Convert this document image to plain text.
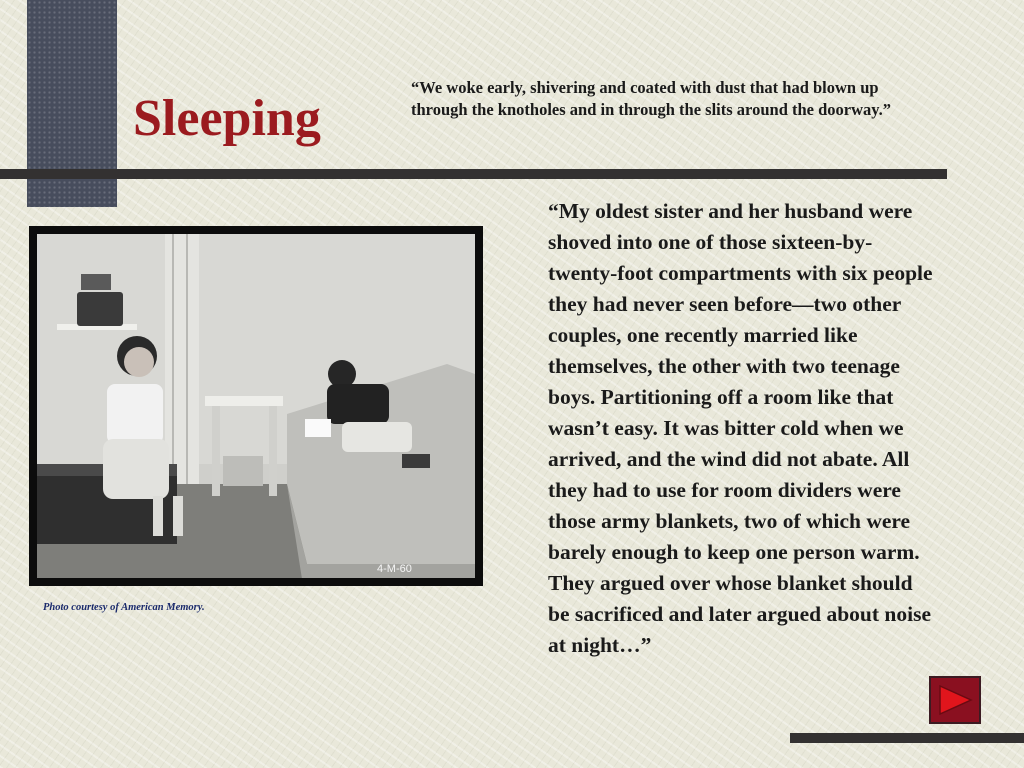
Sleeping

“We woke early, shivering and coated with dust that had blown up through the knotholes and in through the slits around the doorway.”

4-M-60

Photo courtesy of American Memory.

“My oldest sister and her husband were shoved into one of those sixteen-by-twenty-foot compartments with six people they had never seen before—two other couples, one recently married like themselves, the other with two teenage boys. Partitioning off a room like that wasn’t easy. It was bitter cold when we arrived, and the wind did not abate. All they had to use for room dividers were those army blankets, two of which were barely enough to keep one person warm. They argued over whose blanket should be sacrificed and later argued about noise at night…”
